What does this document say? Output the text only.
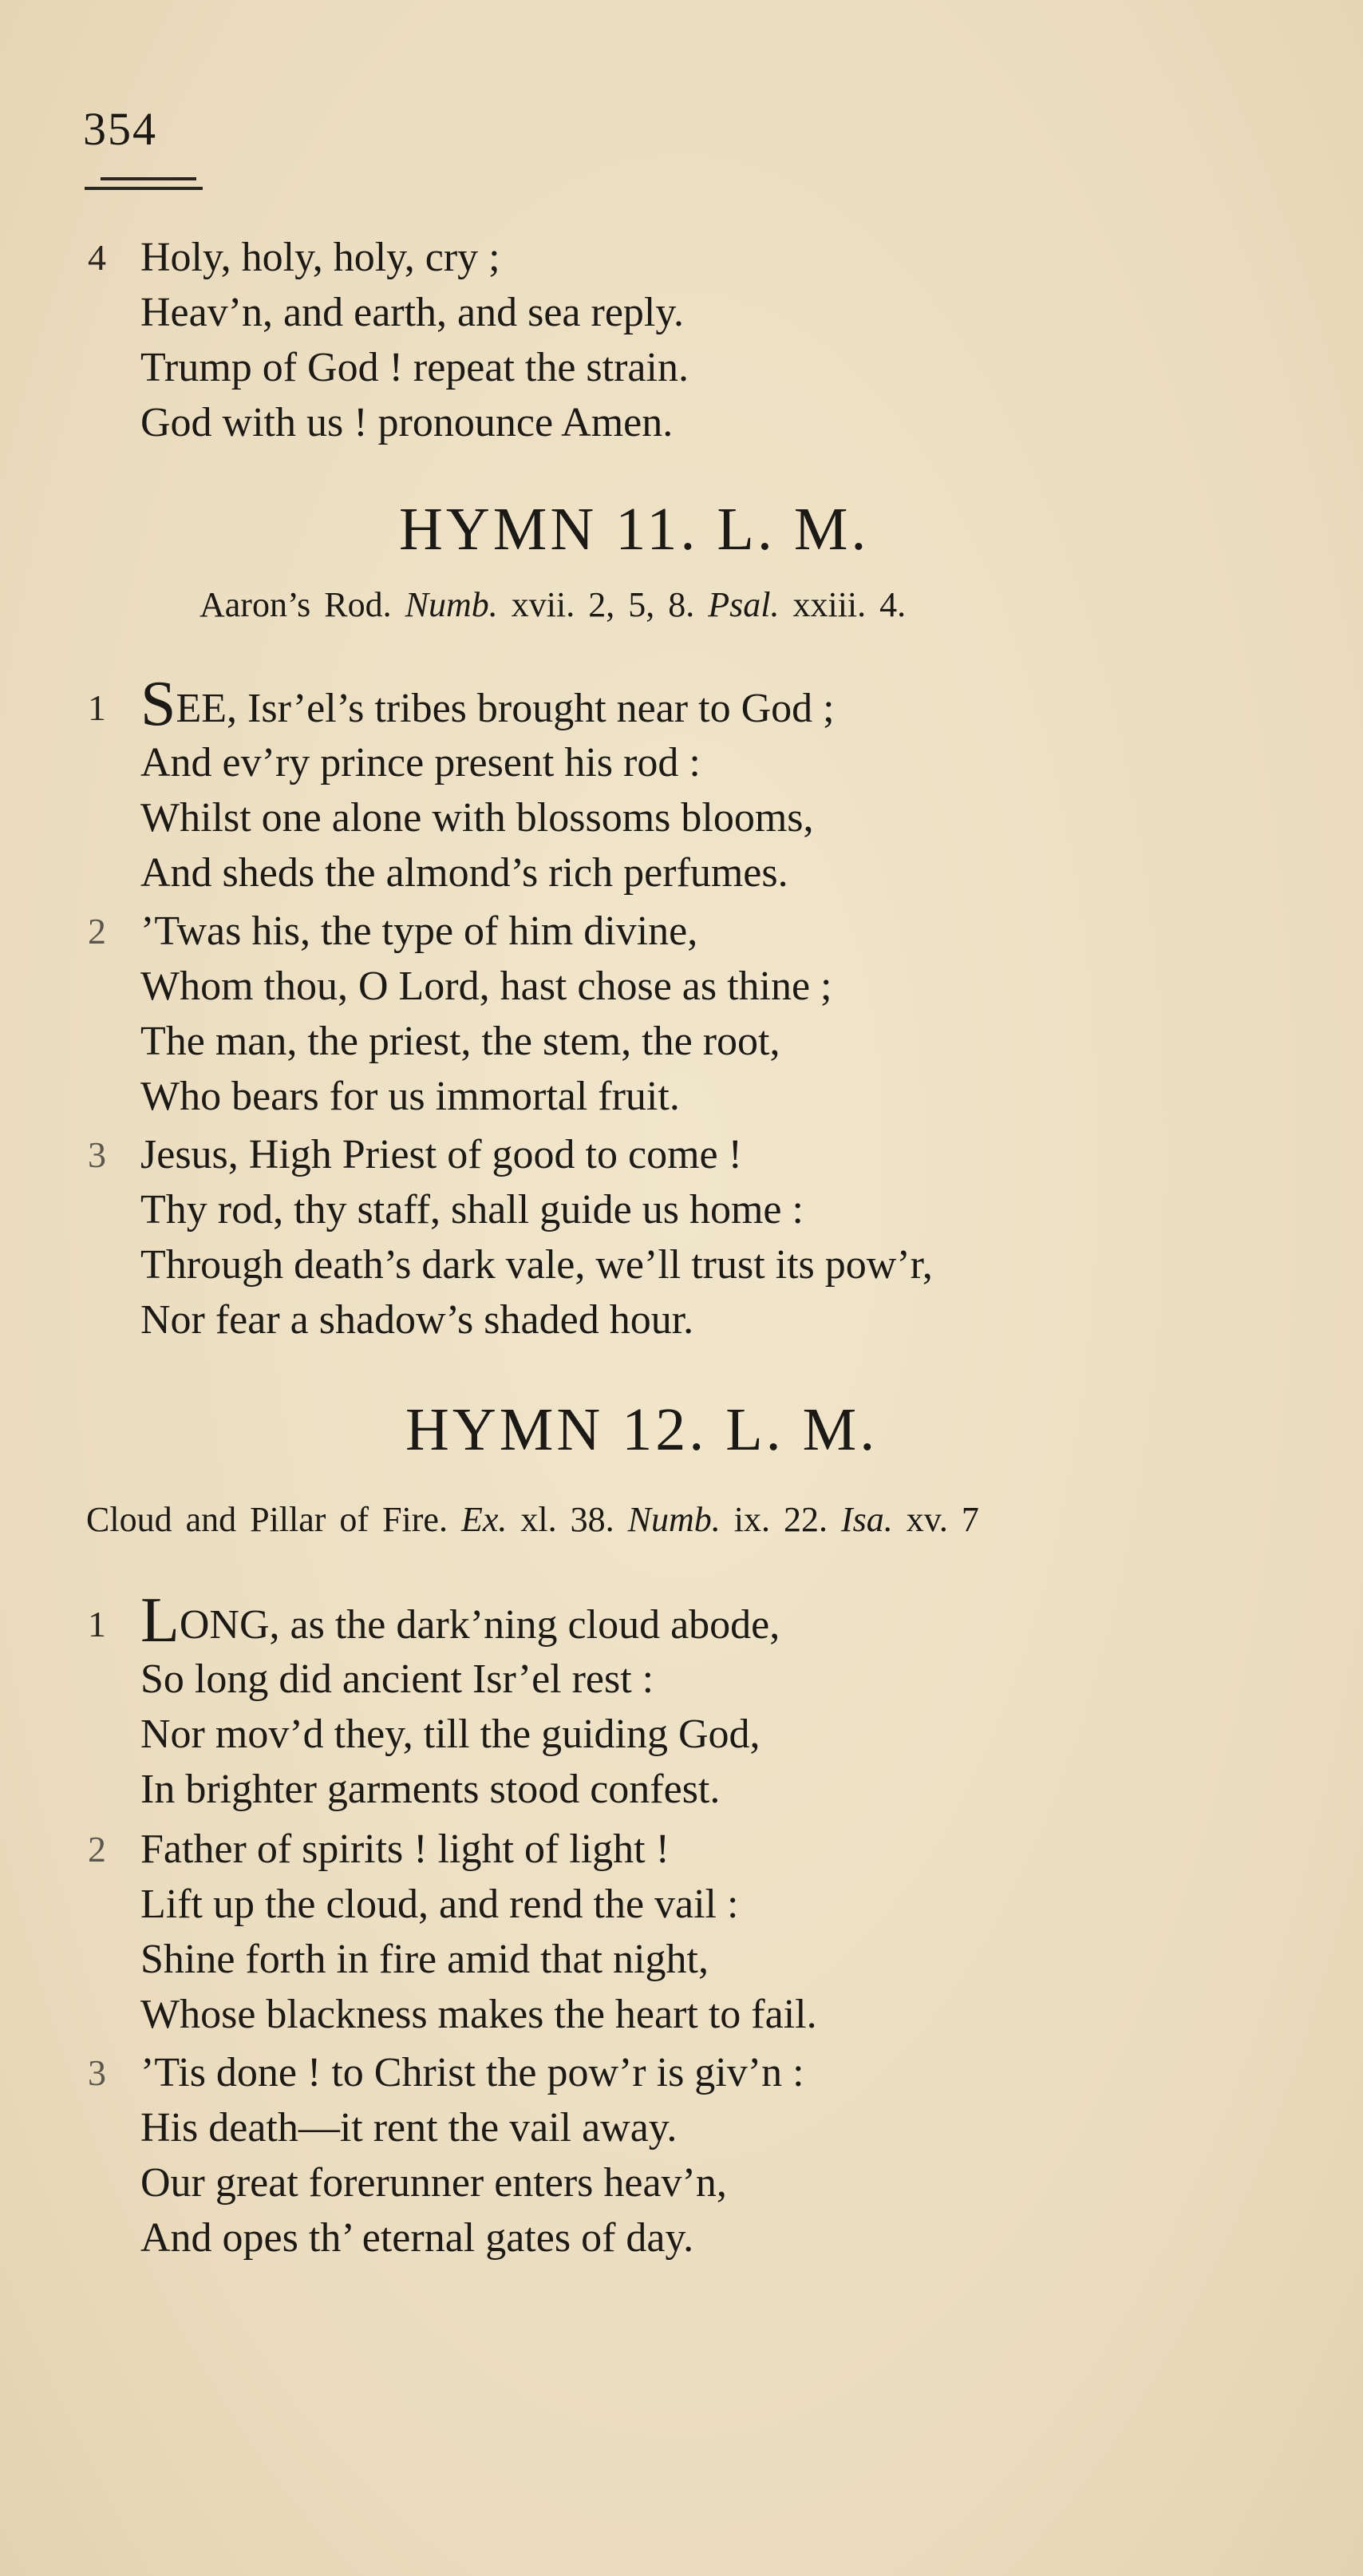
354
4 Holy, holy, holy, cry ;
Heav’n, and earth, and sea reply.
Trump of God ! repeat the strain.
God with us ! pronounce Amen.
HYMN 11. L. M.
Aaron’s Rod. Numb. xvii. 2, 5, 8. Psal. xxiii. 4.
1 SEE, Isr’el’s tribes brought near to God ;
And ev’ry prince present his rod :
Whilst one alone with blossoms blooms,
And sheds the almond’s rich perfumes.
2 ’Twas his, the type of him divine,
Whom thou, O Lord, hast chose as thine ;
The man, the priest, the stem, the root,
Who bears for us immortal fruit.
3 Jesus, High Priest of good to come !
Thy rod, thy staff, shall guide us home :
Through death’s dark vale, we’ll trust its pow’r,
Nor fear a shadow’s shaded hour.
HYMN 12. L. M.
Cloud and Pillar of Fire. Ex. xl. 38. Numb. ix. 22. Isa. xv. 7
1 LONG, as the dark’ning cloud abode,
So long did ancient Isr’el rest :
Nor mov’d they, till the guiding God,
In brighter garments stood confest.
2 Father of spirits ! light of light !
Lift up the cloud, and rend the vail :
Shine forth in fire amid that night,
Whose blackness makes the heart to fail.
3 ’Tis done ! to Christ the pow’r is giv’n :
His death—it rent the vail away.
Our great forerunner enters heav’n,
And opes th’ eternal gates of day.
